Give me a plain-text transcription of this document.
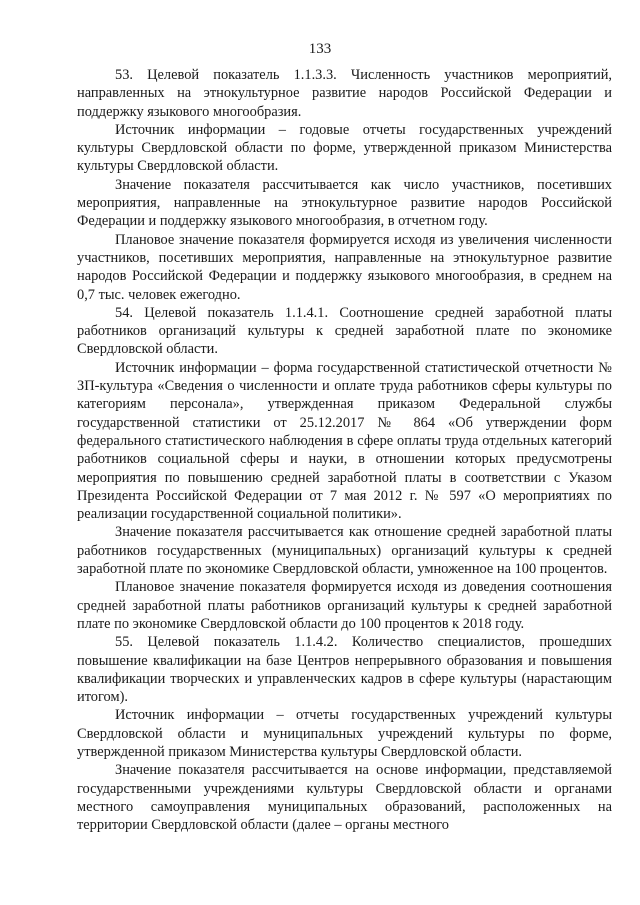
133

53. Целевой показатель 1.1.3.3. Численность участников мероприятий, направленных на этнокультурное развитие народов Российской Федерации и поддержку языкового многообразия.

Источник информации – годовые отчеты государственных учреждений культуры Свердловской области по форме, утвержденной приказом Министерства культуры Свердловской области.

Значение показателя рассчитывается как число участников, посетивших мероприятия, направленные на этнокультурное развитие народов Российской Федерации и поддержку языкового многообразия, в отчетном году.

Плановое значение показателя формируется исходя из увеличения численности участников, посетивших мероприятия, направленные на этнокультурное развитие народов Российской Федерации и поддержку языкового многообразия, в среднем на 0,7 тыс. человек ежегодно.

54. Целевой показатель 1.1.4.1. Соотношение средней заработной платы работников организаций культуры к средней заработной плате по экономике Свердловской области.

Источник информации – форма государственной статистической отчетности № ЗП-культура «Сведения о численности и оплате труда работников сферы культуры по категориям персонала», утвержденная приказом Федеральной службы государственной статистики от 25.12.2017 № 864 «Об утверждении форм федерального статистического наблюдения в сфере оплаты труда отдельных категорий работников социальной сферы и науки, в отношении которых предусмотрены мероприятия по повышению средней заработной платы в соответствии с Указом Президента Российской Федерации от 7 мая 2012 г. № 597 «О мероприятиях по реализации государственной социальной политики».

Значение показателя рассчитывается как отношение средней заработной платы работников государственных (муниципальных) организаций культуры к средней заработной плате по экономике Свердловской области, умноженное на 100 процентов.

Плановое значение показателя формируется исходя из доведения соотношения средней заработной платы работников организаций культуры к средней заработной плате по экономике Свердловской области до 100 процентов к 2018 году.

55. Целевой показатель 1.1.4.2. Количество специалистов, прошедших повышение квалификации на базе Центров непрерывного образования и повышения квалификации творческих и управленческих кадров в сфере культуры (нарастающим итогом).

Источник информации – отчеты государственных учреждений культуры Свердловской области и муниципальных учреждений культуры по форме, утвержденной приказом Министерства культуры Свердловской области.

Значение показателя рассчитывается на основе информации, представляемой государственными учреждениями культуры Свердловской области и органами местного самоуправления муниципальных образований, расположенных на территории Свердловской области (далее – органы местного
